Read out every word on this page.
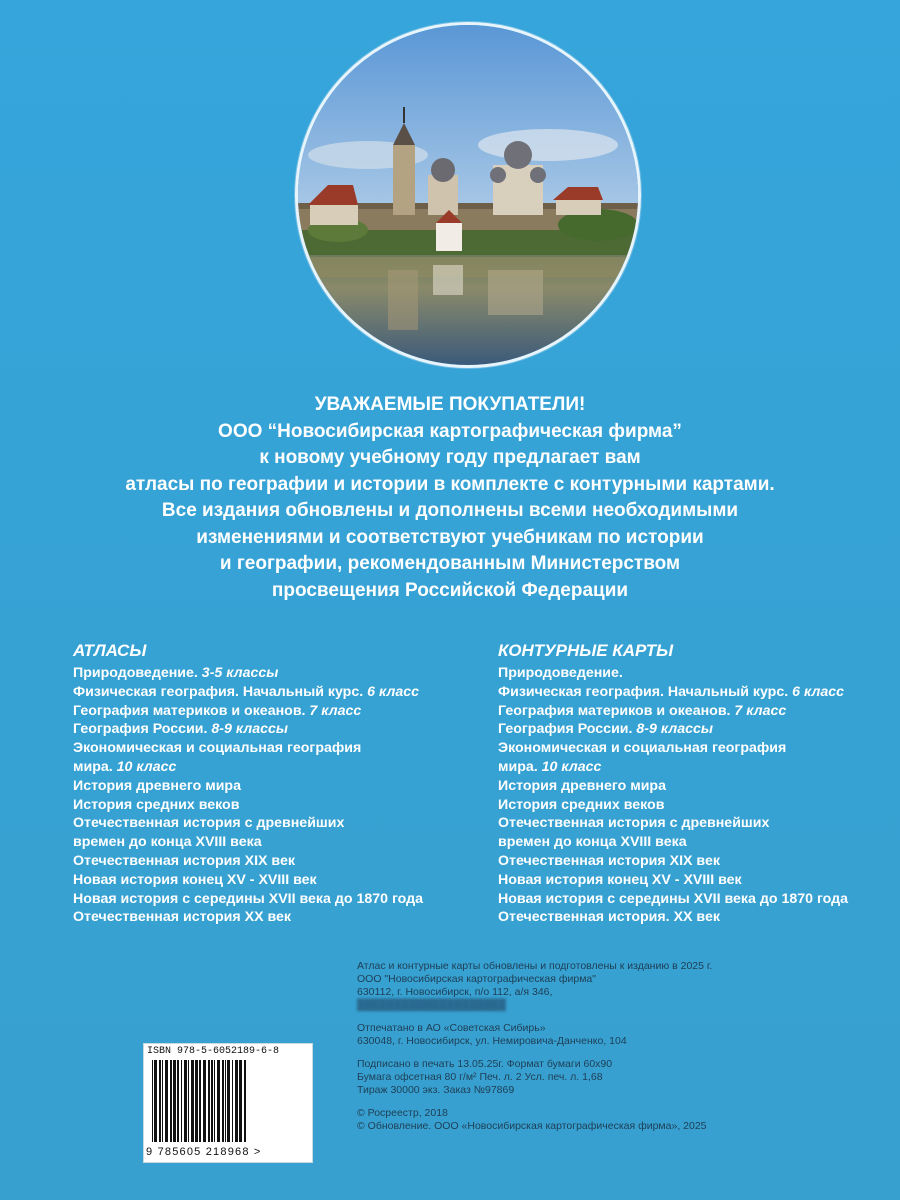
УВАЖАЕМЫЕ ПОКУПАТЕЛИ!
ООО “Новосибирская картографическая фирма”
к новому учебному году предлагает вам
атласы по географии и истории в комплекте с контурными картами.
Все издания обновлены и дополнены всеми необходимыми
изменениями и соответствуют учебникам по истории
и географии, рекомендованным Министерством
просвещения Российской Федерации
АТЛАСЫ
Природоведение. 3-5 классы
Физическая география. Начальный курс. 6 класс
География материков и океанов. 7 класс
География России. 8-9 классы
Экономическая и социальная география
мира. 10 класс
История древнего мира
История средних веков
Отечественная история с древнейших
времен до конца XVIII века
Отечественная история XIX век
Новая история конец XV - XVIII век
Новая история с середины XVII века до 1870 года
Отечественная история XX век
КОНТУРНЫЕ КАРТЫ
Природоведение.
Физическая география. Начальный курс. 6 класс
География материков и океанов. 7 класс
География России. 8-9 классы
Экономическая и социальная география
мира. 10 класс
История древнего мира
История средних веков
Отечественная история с древнейших
времен до конца XVIII века
Отечественная история XIX век
Новая история конец XV - XVIII век
Новая история с середины XVII века до 1870 года
Отечественная история. XX век
Атлас и контурные карты обновлены и подготовлены к изданию в 2025 г.
ООО "Новосибирская картографическая фирма"
630112, г. Новосибирск, п/о 112, а/я 346,
████████████████████
Отпечатано в АО «Советская Сибирь»
630048, г. Новосибирск, ул. Немировича-Данченко, 104
Подписано в печать 13.05.25г. Формат бумаги 60х90
Бумага офсетная 80 г/м² Печ. л. 2 Усл. печ. л. 1,68
Тираж 30000 экз. Заказ №97869
© Росреестр, 2018
© Обновление. ООО «Новосибирская картографическая фирма», 2025
ISBN 978-5-6052189-6-8
9 785605 218968 >
